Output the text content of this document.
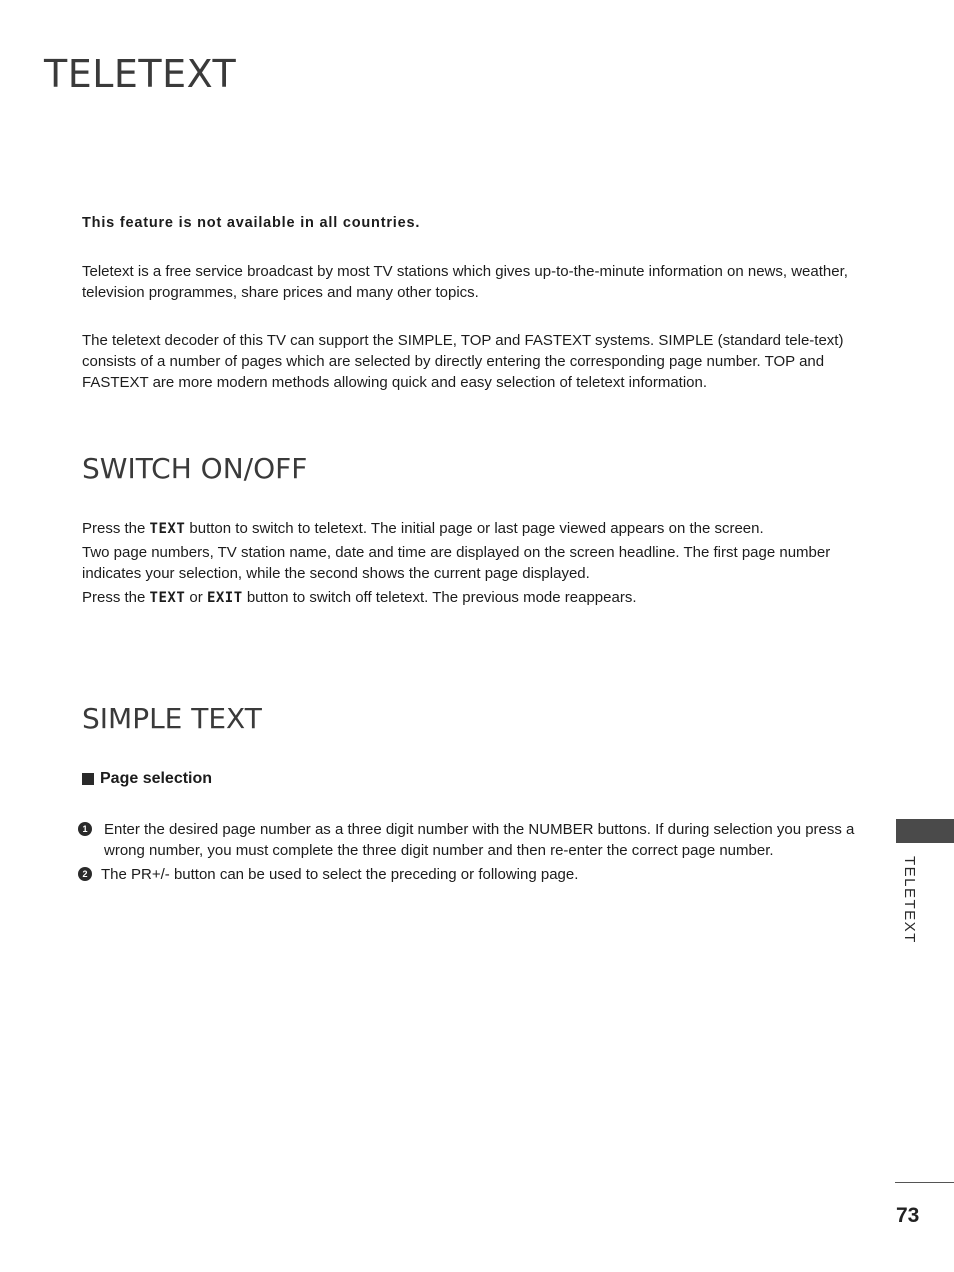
TELETEXT

This feature is not available in all countries.

Teletext is a free service broadcast by most TV stations which gives up-to-the-minute information on news, weather, television programmes, share prices and many other topics.

The teletext decoder of this TV can support the SIMPLE, TOP and FASTEXT systems. SIMPLE (standard tele-text) consists of a number of pages which are selected by directly entering the corresponding page number. TOP and FASTEXT are more modern methods allowing quick and easy selection of teletext information.

SWITCH ON/OFF

Press the TEXT button to switch to teletext. The initial page or last page viewed appears on the screen.

Two page numbers, TV station name, date and time are displayed on the screen headline. The first page number indicates your selection, while the second shows the current page displayed.

Press the TEXT or EXIT button to switch off teletext. The previous mode reappears.

SIMPLE TEXT
Page selection
1	Enter the desired page number as a three digit number with the NUMBER buttons. If during selection you press a wrong number, you must complete the three digit number and then re-enter the correct page number.
2 The PR+/- button can be used to select the preceding or following page.	TELETEXT
73
